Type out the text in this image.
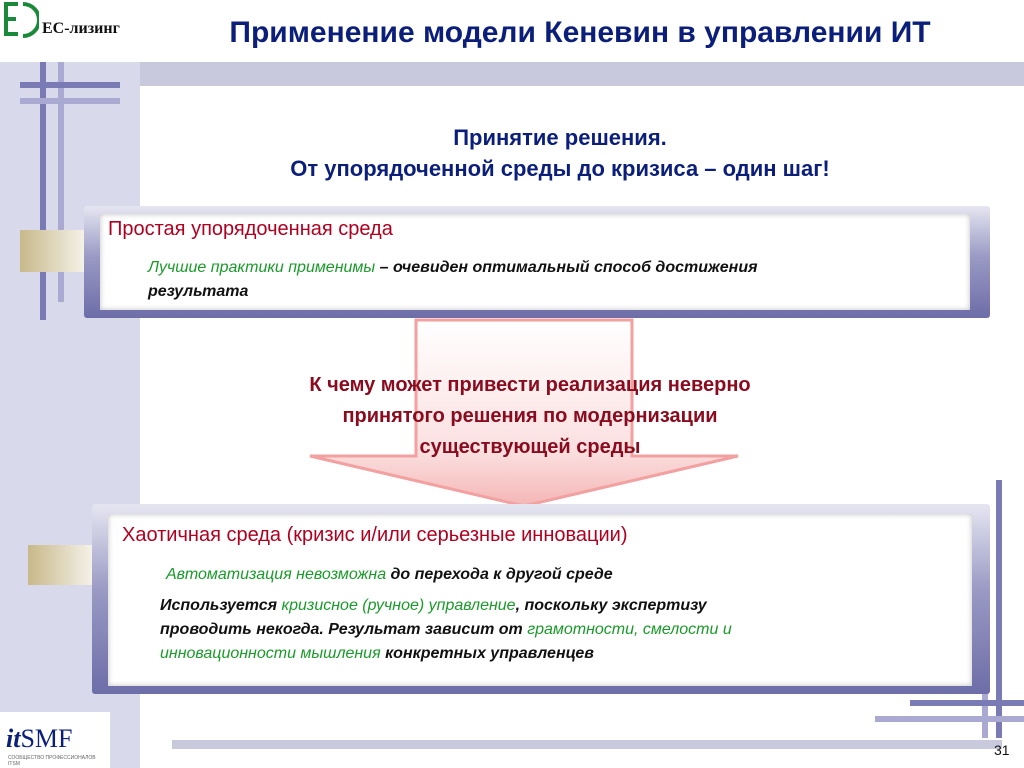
ЕС-лизинг	Применение модели Кеневин в управлении ИТ
Принятие решения.
От упорядоченной среды до кризиса – один шаг!
Простая упорядоченная среда
Лучшие практики применимы – очевиден оптимальный способ достижения
результата
К чему может привести реализация неверно
принятого решения по модернизации
существующей среды
Хаотичная среда (кризис и/или серьезные инновации)
Автоматизация невозможна до перехода к другой среде
Используется кризисное (ручное) управление, поскольку экспертизу
проводить некогда. Результат зависит от грамотности, смелости и
инновационности мышления конкретных управленцев
itSMF
СООБЩЕСТВО ПРОФЕССИОНАЛОВ ITSM
31
